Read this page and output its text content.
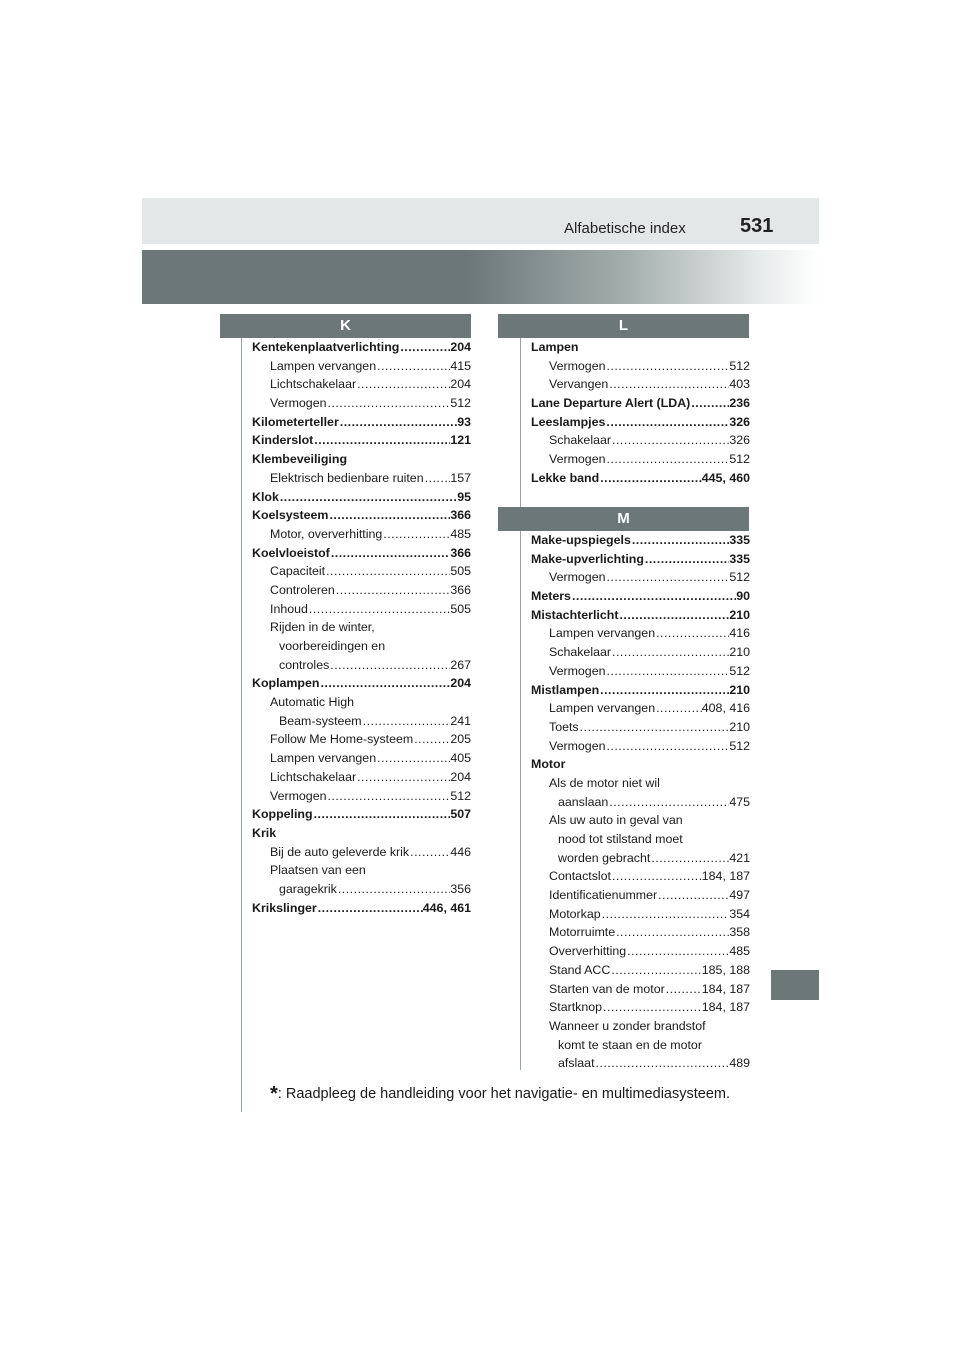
Alfabetische index	531
K
Kentekenplaatverlichting .....	204
Lampen vervangen .....	415
Lichtschakelaar .....	204
Vermogen .....	512
Kilometerteller .....	93
Kinderslot .....	121
Klembeveiliging
Elektrisch bedienbare ruiten ..... 157
Klok .....	95
Koelsysteem .....	366
Motor, oververhitting .....	485
Koelvloeistof .....	366
Capaciteit .....	505
Controleren .....	366
Inhoud .....	505
Rijden in de winter,
voorbereidingen en
controles .....	267
Koplampen .....	204
Automatic High
Beam-systeem .....	241
Follow Me Home-systeem .....	205
Lampen vervangen .....	405
Lichtschakelaar .....	204
Vermogen .....	512
Koppeling .....	507
Krik
Bij de auto geleverde krik .....	446
Plaatsen van een
garagekrik .....	356
Krikslinger .....	446, 461
L
Lampen
Vermogen .....	512
Vervangen .....	403
Lane Departure Alert (LDA) .....	236
Leeslampjes .....	326
Schakelaar .....	326
Vermogen .....	512
Lekke band .....	445, 460
M
Make-upspiegels .....	335
Make-upverlichting .....	335
Vermogen .....	512
Meters .....	90
Mistachterlicht .....	210
Lampen vervangen .....	416
Schakelaar .....	210
Vermogen .....	512
Mistlampen .....	210
Lampen vervangen .....	408, 416
Toets .....	210
Vermogen .....	512
Motor
Als de motor niet wil
aanslaan .....	475
Als uw auto in geval van
nood tot stilstand moet
worden gebracht .....	421
Contactslot .....	184, 187
Identificatienummer .....	497
Motorkap .....	354
Motorruimte .....	358
Oververhitting .....	485
Stand ACC .....	185, 188
Starten van de motor .....	184, 187
Startknop .....	184, 187
Wanneer u zonder brandstof
komt te staan en de motor
afslaat .....	489
*: Raadpleeg de handleiding voor het navigatie- en multimediasysteem.
